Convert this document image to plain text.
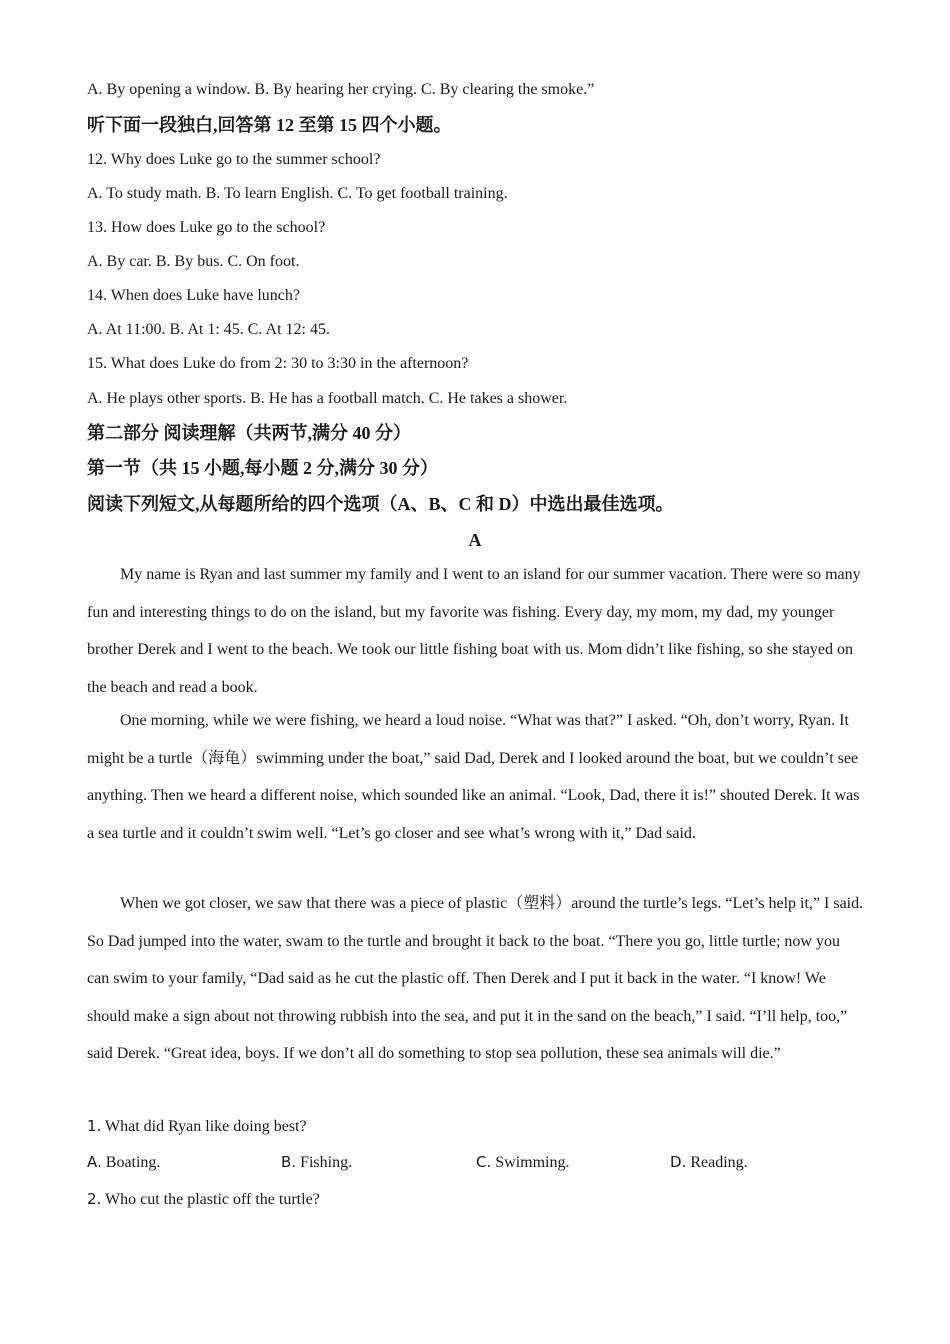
A. By opening a window. B. By hearing her crying. C. By clearing the smoke.”
听下面一段独白,回答第 12 至第 15 四个小题。
12. Why does Luke go to the summer school?
A. To study math. B. To learn English. C. To get football training.
13. How does Luke go to the school?
A. By car. B. By bus. C. On foot.
14. When does Luke have lunch?
A. At 11:00. B. At 1: 45. C. At 12: 45.
15. What does Luke do from 2: 30 to 3:30 in the afternoon?
A. He plays other sports. B. He has a football match. C. He takes a shower.
第二部分 阅读理解（共两节,满分 40 分）
第一节（共 15 小题,每小题 2 分,满分 30 分）
阅读下列短文,从每题所给的四个选项（A、B、C 和 D）中选出最佳选项。
A

My name is Ryan and last summer my family and I went to an island for our summer vacation. There were so many fun and interesting things to do on the island, but my favorite was fishing. Every day, my mom, my dad, my younger brother Derek and I went to the beach. We took our little fishing boat with us. Mom didn’t like fishing, so she stayed on the beach and read a book.

One morning, while we were fishing, we heard a loud noise. “What was that?” I asked. “Oh, don’t worry, Ryan. It might be a turtle（海龟）swimming under the boat,” said Dad, Derek and I looked around the boat, but we couldn’t see anything. Then we heard a different noise, which sounded like an animal. “Look, Dad, there it is!” shouted Derek. It was a sea turtle and it couldn’t swim well. “Let’s go closer and see what’s wrong with it,” Dad said.

When we got closer, we saw that there was a piece of plastic（塑料）around the turtle’s legs. “Let’s help it,” I said. So Dad jumped into the water, swam to the turtle and brought it back to the boat. “There you go, little turtle; now you can swim to your family, “Dad said as he cut the plastic off. Then Derek and I put it back in the water. “I know! We should make a sign about not throwing rubbish into the sea, and put it in the sand on the beach,” I said. “I’ll help, too,” said Derek. “Great idea, boys. If we don’t all do something to stop sea pollution, these sea animals will die.”

1. What did Ryan like doing best?
A. Boating.	B. Fishing.	C. Swimming.	D. Reading.
2. Who cut the plastic off the turtle?
